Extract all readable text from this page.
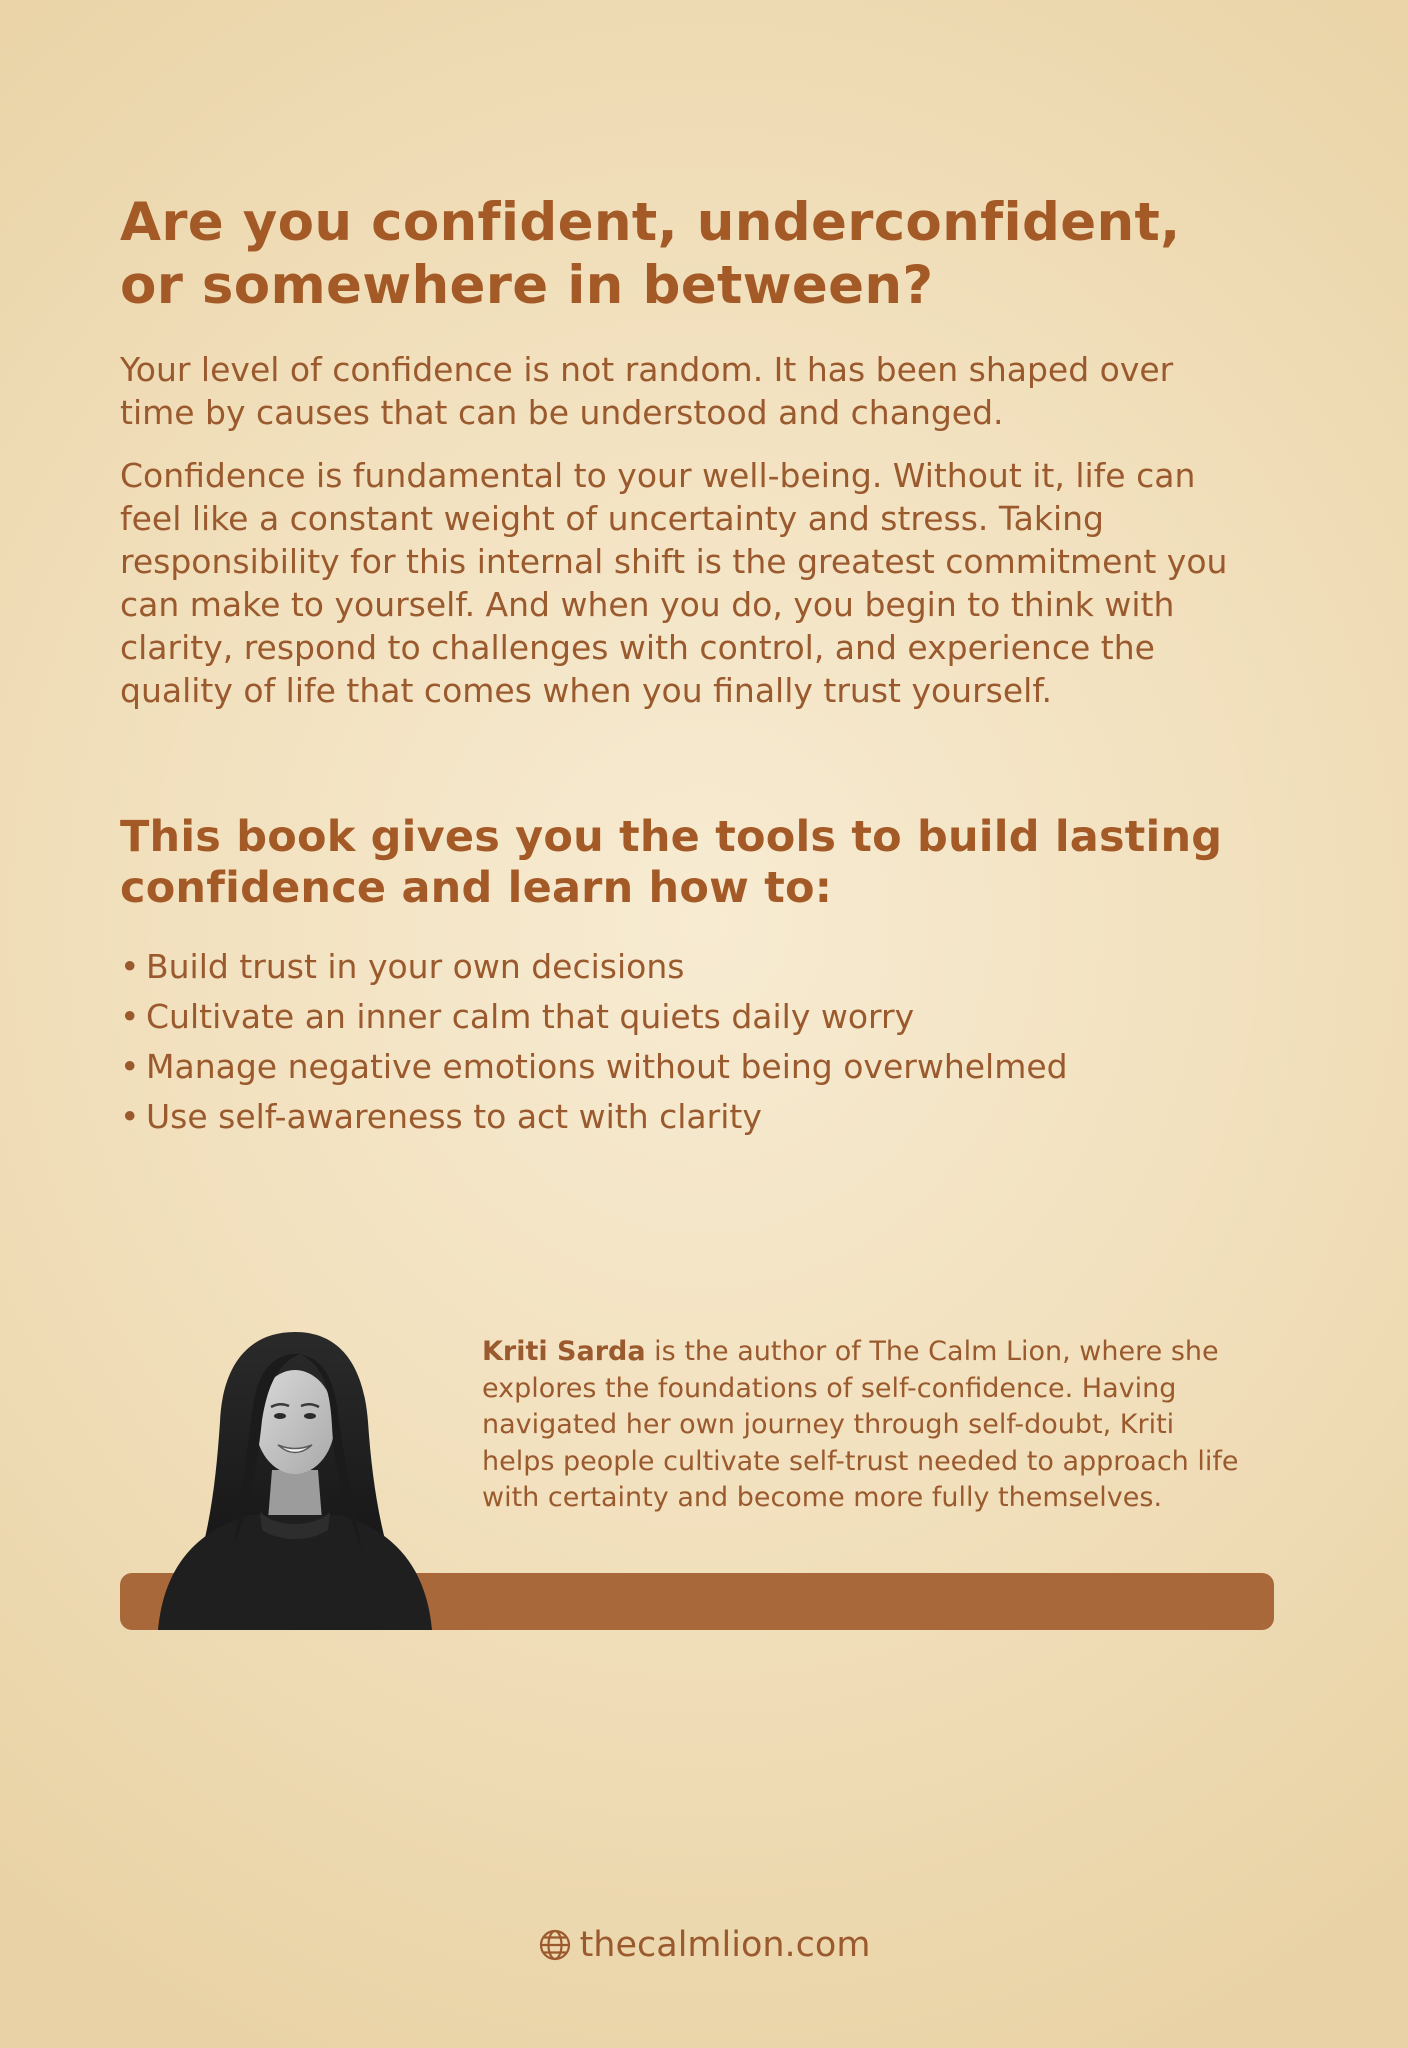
Are you confident, underconfident,
or somewhere in between?

Your level of confidence is not random. It has been shaped over time by causes that can be understood and changed.

Confidence is fundamental to your well-being. Without it, life can feel like a constant weight of uncertainty and stress. Taking responsibility for this internal shift is the greatest commitment you can make to yourself. And when you do, you begin to think with clarity, respond to challenges with control, and experience the quality of life that comes when you finally trust yourself.

This book gives you the tools to build lasting
confidence and learn how to:
• Build trust in your own decisions
• Cultivate an inner calm that quiets daily worry
• Manage negative emotions without being overwhelmed
• Use self-awareness to act with clarity

Kriti Sarda is the author of The Calm Lion, where she explores the foundations of self-confidence. Having navigated her own journey through self-doubt, Kriti helps people cultivate self-trust needed to approach life with certainty and become more fully themselves.

thecalmlion.com
